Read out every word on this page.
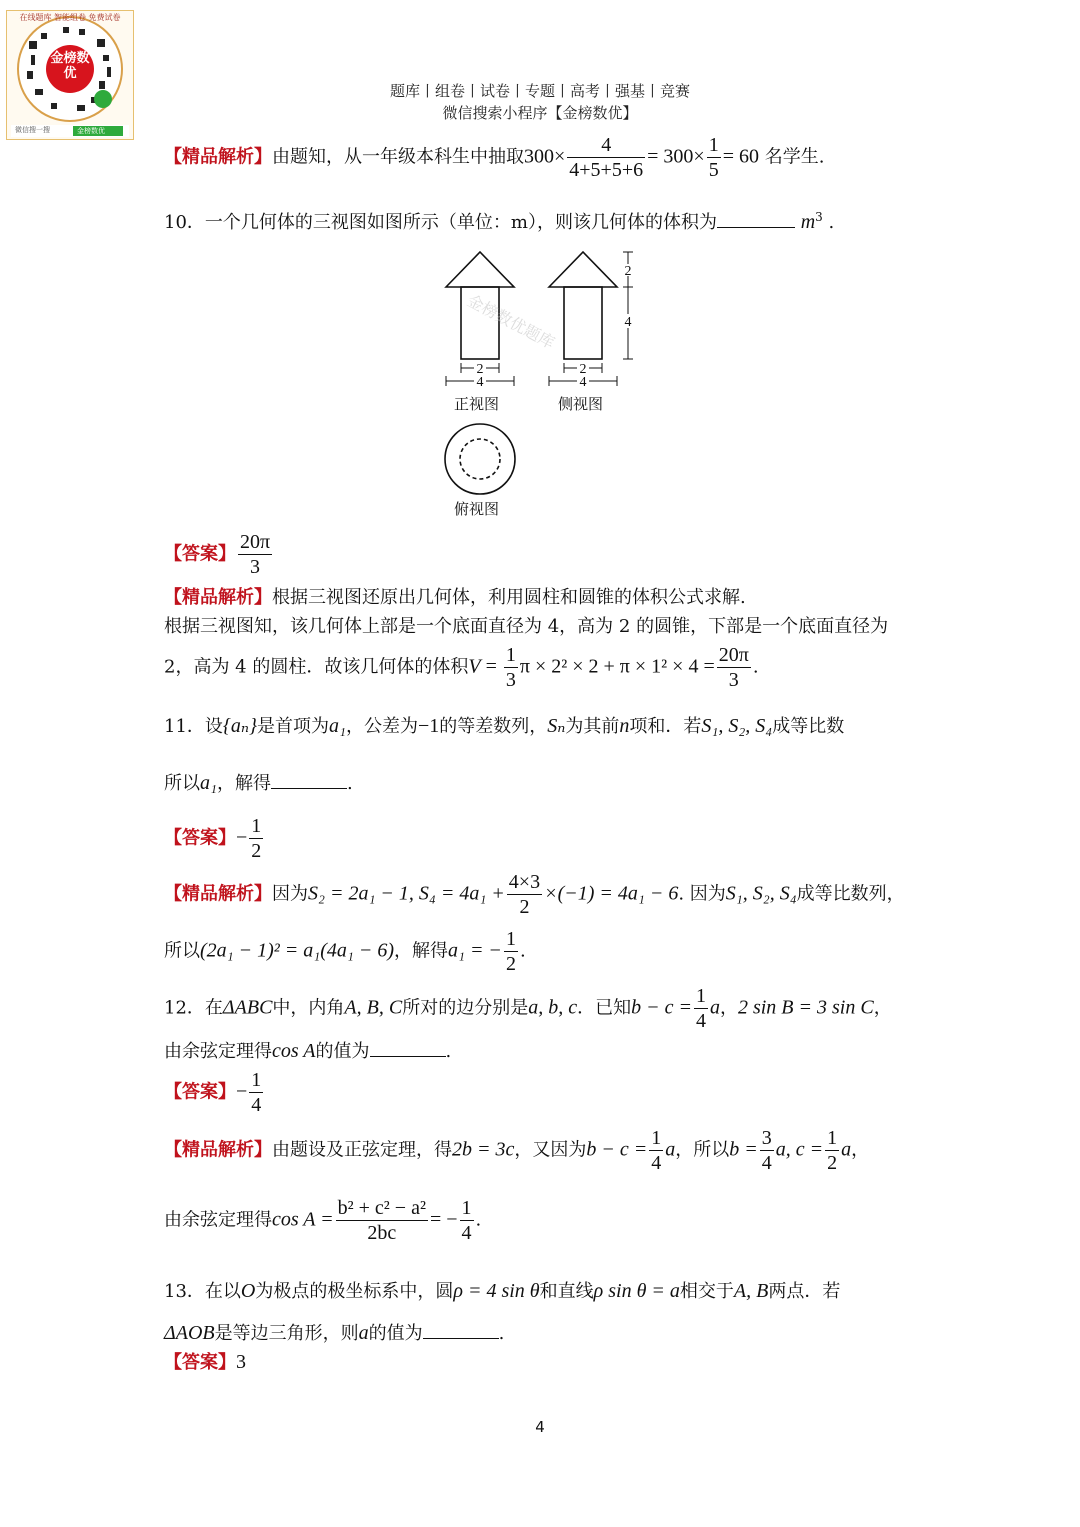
金榜数优
在线题库 智能组卷 免费试卷
微信搜一搜	金榜数优
题库丨组卷丨试卷丨专题丨高考丨强基丨竞赛
微信搜索小程序【金榜数优】
【精品解析】由题知，从一年级本科生中抽取$300\times \frac{4}{4+5+5+6} = 300\times \frac{1}{5} = 60$ 名学生.
10．一个几何体的三视图如图所示（单位：m），则该几何体的体积为	$m^3$ .
2
4
2
4
2
4
金榜数优题库
正视图	侧视图
俯视图
【答案】 $\frac{20\pi}{3}$
【精品解析】根据三视图还原出几何体，利用圆柱和圆锥的体积公式求解.
根据三视图知，该几何体上部是一个底面直径为 4，高为 2 的圆锥，下部是一个底面直径为
2，高为 4 的圆柱．故该几何体的体积$V = \frac{1}{3}$ $\pi \times 2^2 \times 2 + \pi \times 1^2 \times 4 = \frac{20\pi}{3}$ .
11．设{aₙ}是首项为a₁，公差为−1的等差数列，Sₙ为其前n项和．若S₁, S₂, S₄成等比数
所以a₁，解得	.
【答案】− $\frac{1}{2}$
【精品解析】因为S₂ = 2a₁ − 1, $S_4 = 4a_1 + \frac{4\times 3}{2} \times(-1) = 4a_1 - 6$. 因为S₁, S₂, S₄成等比数列，
所以(2a₁ − 1)² = a₁(4a₁ − 6)，解得a₁ = − $\frac{1}{2}$ .
12．在ΔABC中，内角A, B, C所对的边分别是a, b, c．已知$b - c = \frac{1}{4}$ a，2 sin B = 3 sin C，
由余弦定理得cos A的值为	.
【答案】− $\frac{1}{4}$
【精品解析】由题设及正弦定理，得2b = 3c，又因为$b - c = \frac{1}{4}$ a，所以$b = \frac{3}{4} a$, $c = \frac{1}{2}$ a，
由余弦定理得$\cos A = \frac{\text{b² + c² − a²}}{2bc}$ = − $\frac{1}{4}$ .
13．在以O为极点的极坐标系中，圆ρ = 4 sin θ和直线ρ sin θ = a相交于A, B两点．若
ΔAOB是等边三角形，则a的值为	.
【答案】3
4
